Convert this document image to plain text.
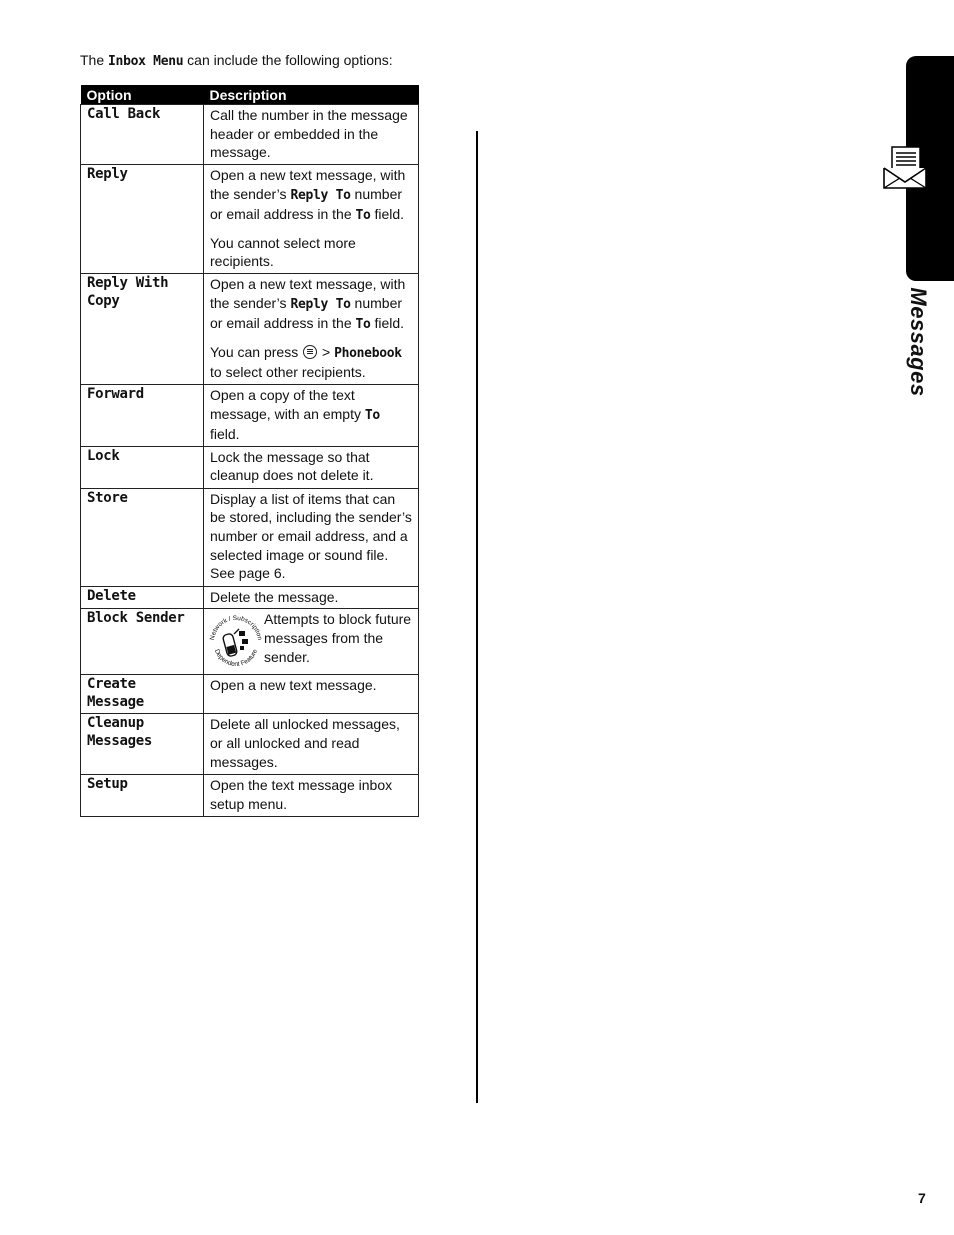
The Inbox Menu can include the following options:

Option	Description
Call Back	Call the number in the message header or embedded in the message.
Reply	Open a new text message, with the sender’s Reply To number or email address in the To field.

You cannot select more recipients.

Reply With Copy	Open a new text message, with the sender’s Reply To number or email address in the To field.

You can press  > Phonebook to select other recipients.

Forward	Open a copy of the text message, with an empty To field.
Lock	Lock the message so that cleanup does not delete it.
Store	Display a list of items that can be stored, including the sender’s number or email address, and a selected image or sound file. See page 6.
Delete	Delete the message.
Block Sender	Network / Subscription
Dependent Feature
Attempts to block future messages from the sender.

Create Message	Open a new text message.
Cleanup Messages	Delete all unlocked messages, or all unlocked and read messages.
Setup	Open the text message inbox setup menu.
Messages
7
